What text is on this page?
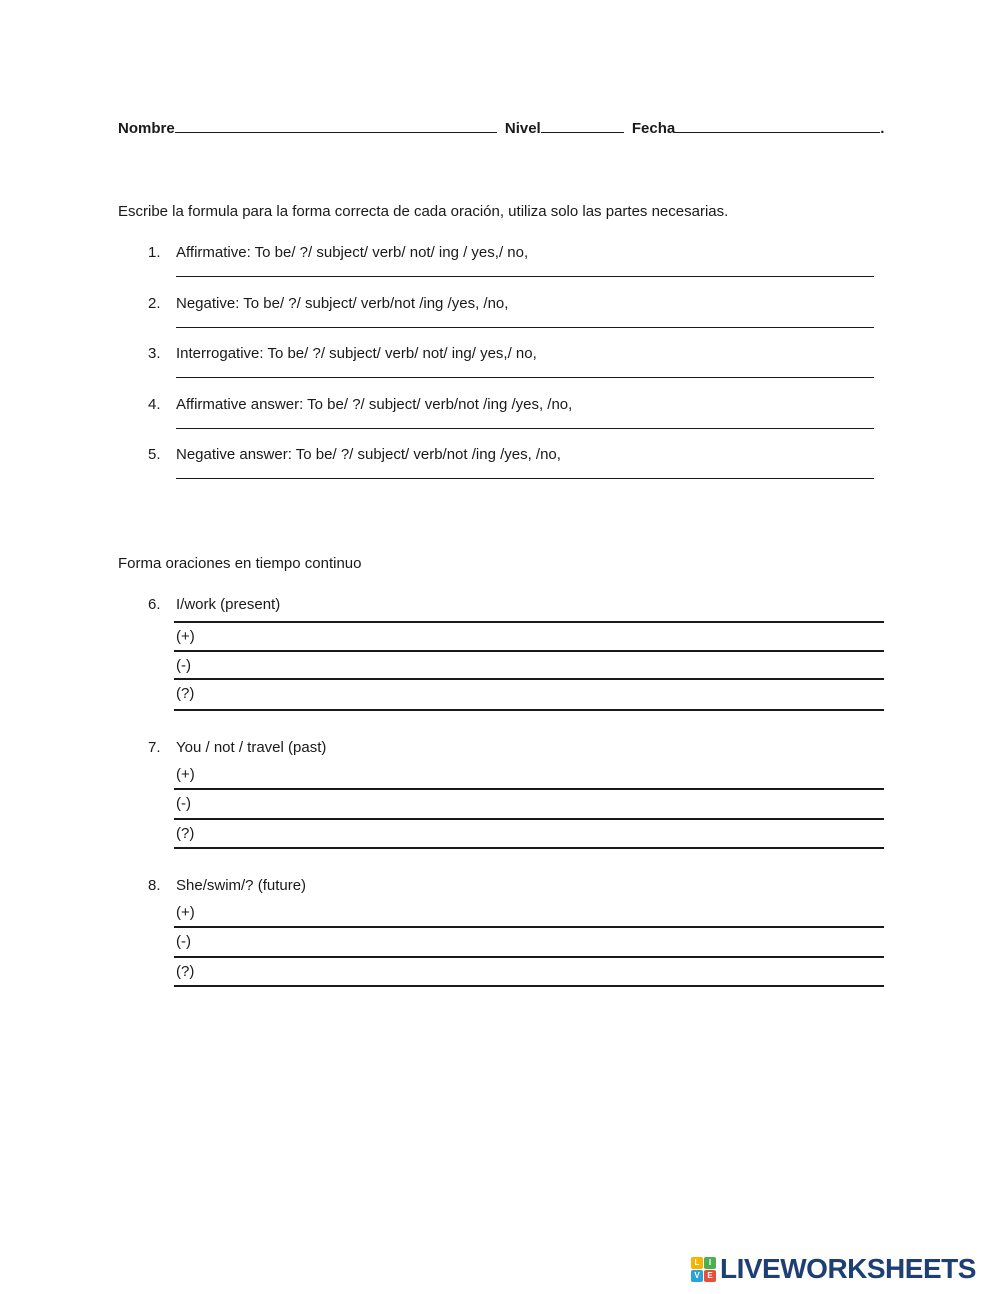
Nombre	Nivel	Fecha	.
Escribe la formula para la forma correcta de cada oración, utiliza solo las partes necesarias.
1.	Affirmative: To be/ ?/ subject/ verb/ not/ ing / yes,/ no,
2.	Negative: To be/ ?/ subject/ verb/not /ing /yes, /no,
3.	Interrogative: To be/ ?/ subject/ verb/ not/ ing/ yes,/ no,
4.	Affirmative answer: To be/ ?/ subject/ verb/not /ing /yes, /no,
5.	Negative answer: To be/ ?/ subject/ verb/not /ing /yes, /no,
Forma oraciones en tiempo continuo
6. I/work (present)
(+)
(-)
(?)
7. You / not / travel (past)
(+)
(-)
(?)
8. She/swim/? (future)
(+)
(-)
(?)
L	I
V E LIVEWORKSHEETS
